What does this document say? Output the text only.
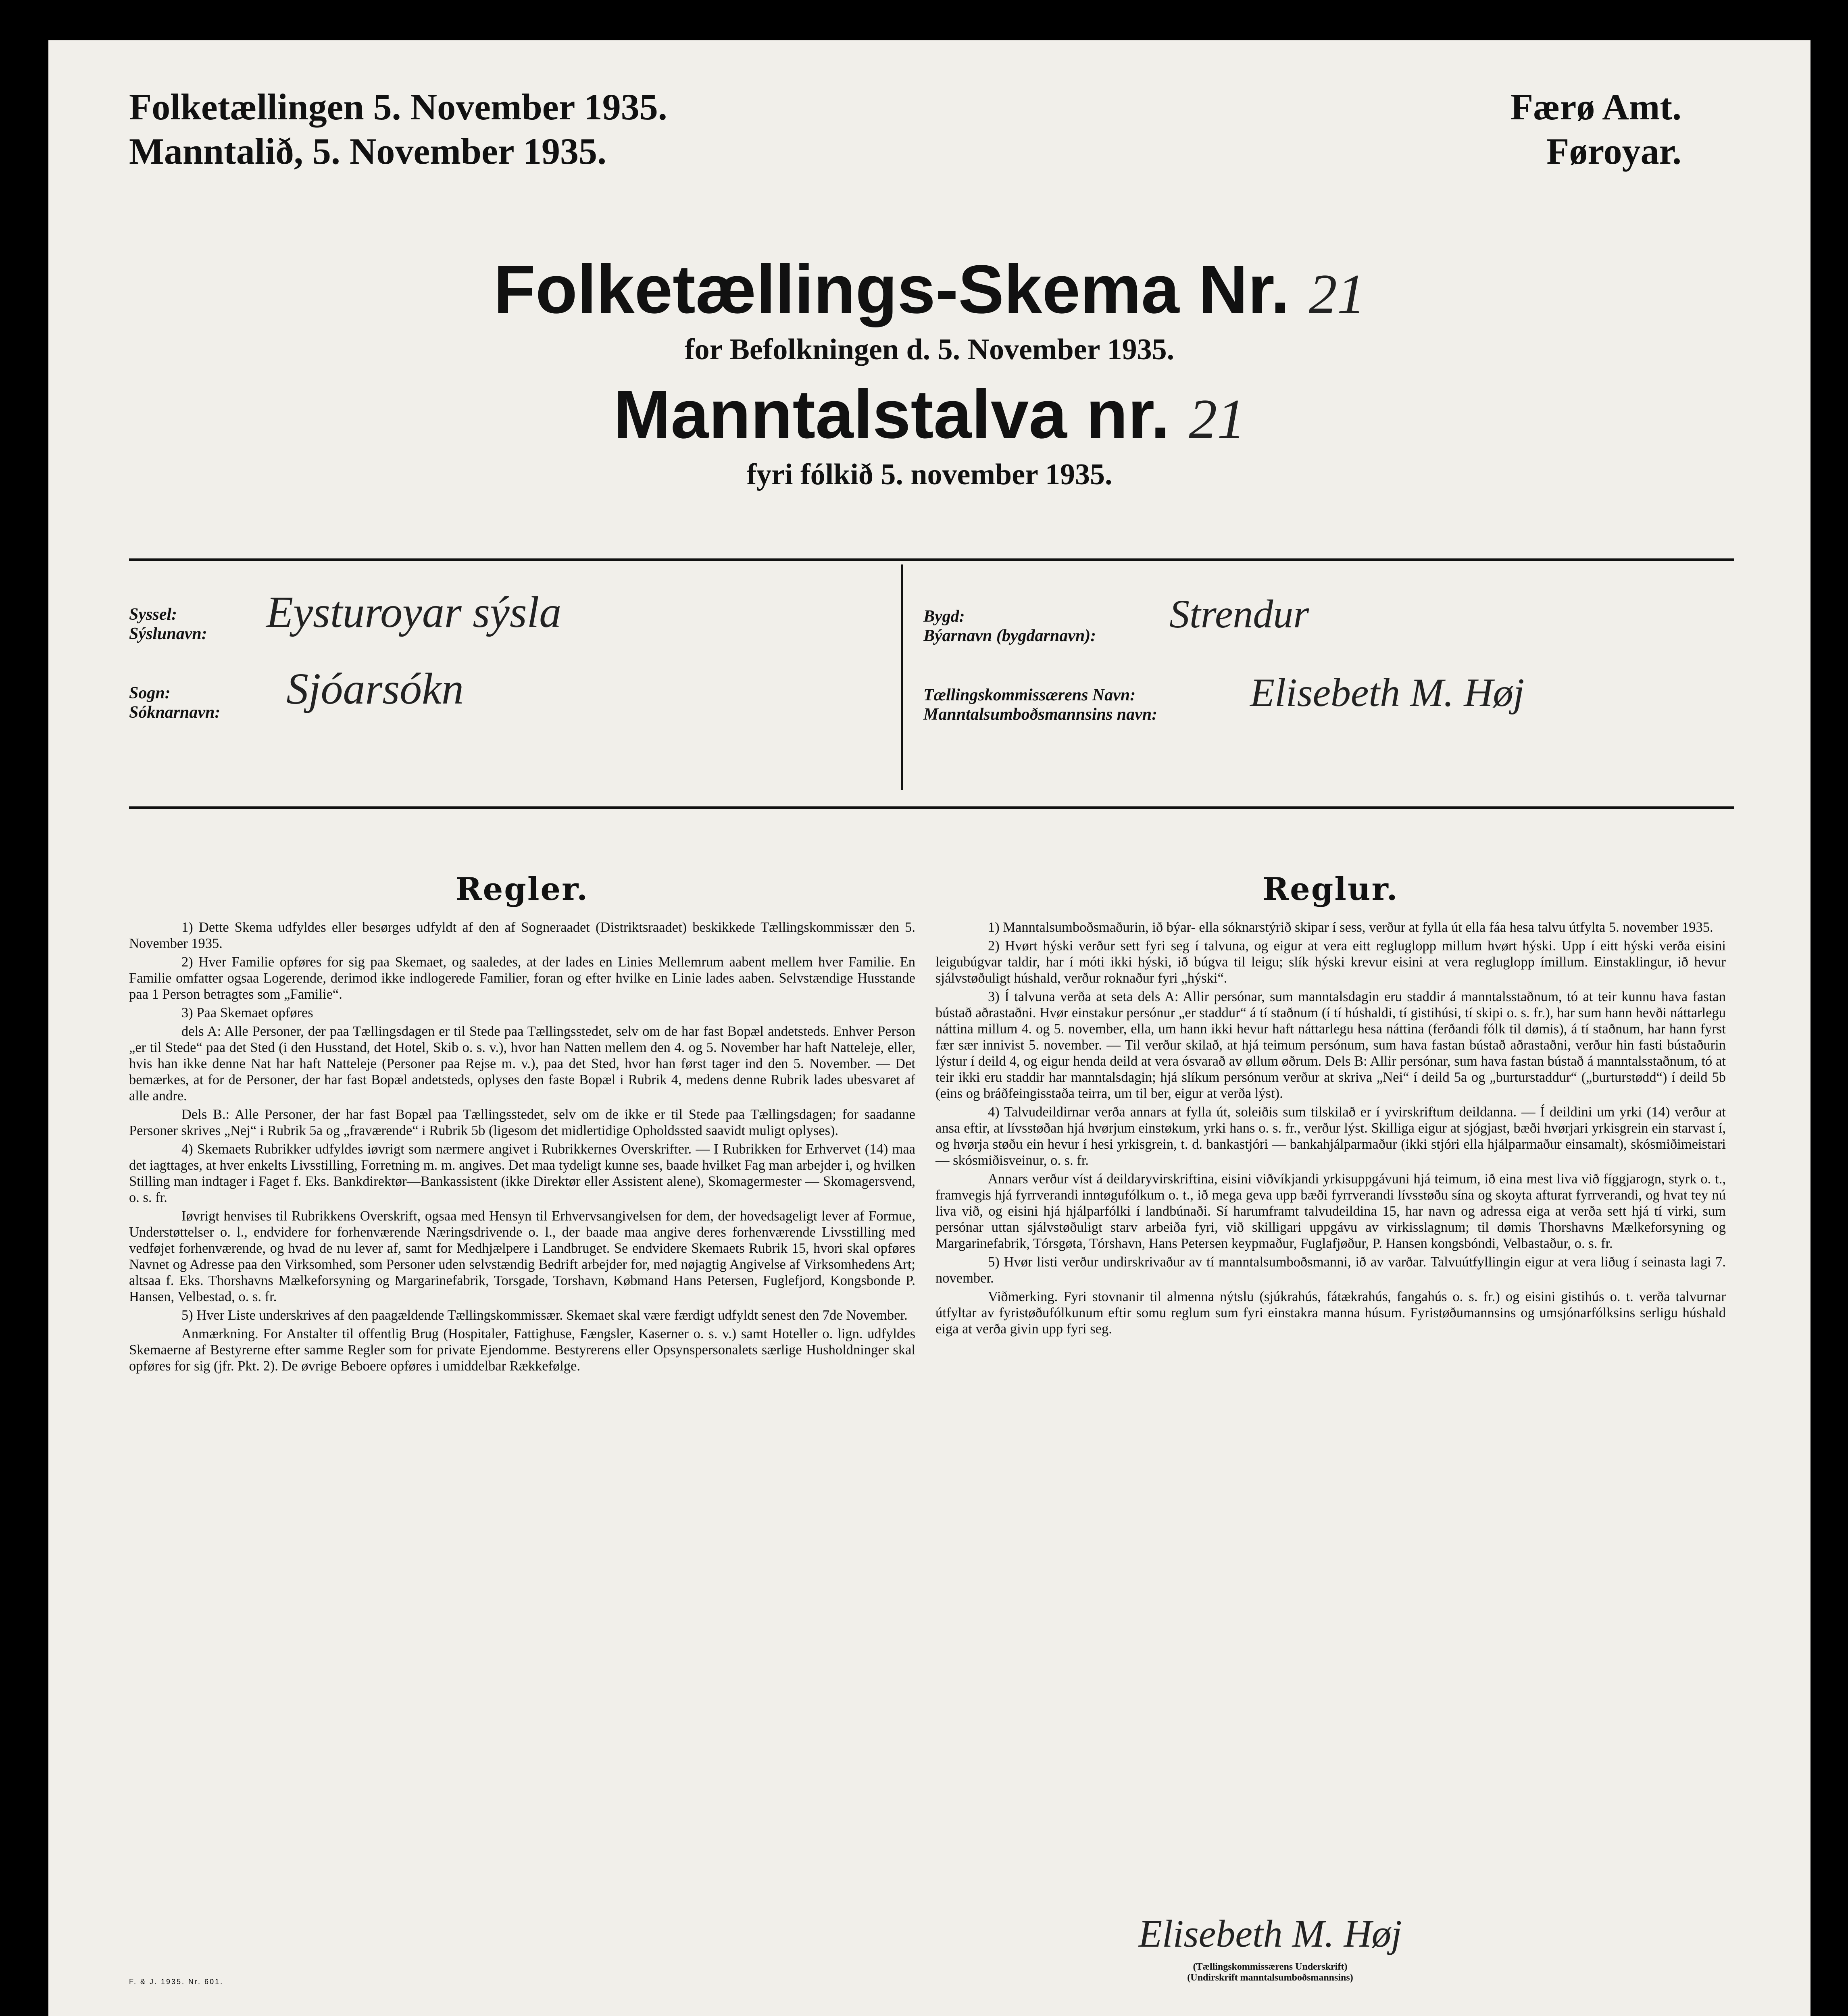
Folketællingen 5. November 1935.
Manntalið, 5. November 1935.
Færø Amt.
Føroyar.
Folketællings-Skema Nr. 21
for Befolkningen d. 5. November 1935.
Manntalstalva nr. 21
fyri fólkið 5. november 1935.
Syssel:
Sýslunavn: Eysturoyar sýsla
Sogn:
Sóknarnavn: Sjóarsókn
Bygd:
Býarnavn (bygdarnavn): Strendur
Tællingskommissærens Navn:
Manntalsumboðsmannsins navn: Elisebeth M. Høj
Regler.	Reglur.

1) Dette Skema udfyldes eller besørges udfyldt af den af Sogneraadet (Distriktsraadet) beskikkede Tællingskommissær den 5. November 1935.

2) Hver Familie opføres for sig paa Skemaet, og saaledes, at der lades en Linies Mellemrum aabent mellem hver Familie. En Familie omfatter ogsaa Logerende, derimod ikke indlogerede Familier, foran og efter hvilke en Linie lades aaben. Selvstændige Husstande paa 1 Person betragtes som „Familie“.

3) Paa Skemaet opføres

dels A: Alle Personer, der paa Tællingsdagen er til Stede paa Tællingsstedet, selv om de har fast Bopæl andetsteds. Enhver Person „er til Stede“ paa det Sted (i den Husstand, det Hotel, Skib o. s. v.), hvor han Natten mellem den 4. og 5. November har haft Natteleje, eller, hvis han ikke denne Nat har haft Natteleje (Personer paa Rejse m. v.), paa det Sted, hvor han først tager ind den 5. November. — Det bemærkes, at for de Personer, der har fast Bopæl andetsteds, oplyses den faste Bopæl i Rubrik 4, medens denne Rubrik lades ubesvaret af alle andre.

Dels B.: Alle Personer, der har fast Bopæl paa Tællingsstedet, selv om de ikke er til Stede paa Tællingsdagen; for saadanne Personer skrives „Nej“ i Rubrik 5a og „fraværende“ i Rubrik 5b (ligesom det midlertidige Opholdssted saavidt muligt oplyses).

4) Skemaets Rubrikker udfyldes iøvrigt som nærmere angivet i Rubrikkernes Overskrifter. — I Rubrikken for Erhvervet (14) maa det iagttages, at hver enkelts Livsstilling, Forretning m. m. angives. Det maa tydeligt kunne ses, baade hvilket Fag man arbejder i, og hvilken Stilling man indtager i Faget f. Eks. Bankdirektør—Bankassistent (ikke Direktør eller Assistent alene), Skomagermester — Skomagersvend, o. s. fr.

Iøvrigt henvises til Rubrikkens Overskrift, ogsaa med Hensyn til Erhvervsangivelsen for dem, der hovedsageligt lever af Formue, Understøttelser o. l., endvidere for forhenværende Næringsdrivende o. l., der baade maa angive deres forhenværende Livsstilling med vedføjet forhenværende, og hvad de nu lever af, samt for Medhjælpere i Landbruget. Se endvidere Skemaets Rubrik 15, hvori skal opføres Navnet og Adresse paa den Virksomhed, som Personer uden selvstændig Bedrift arbejder for, med nøjagtig Angivelse af Virksomhedens Art; altsaa f. Eks. Thorshavns Mælkeforsyning og Margarinefabrik, Torsgade, Torshavn, Købmand Hans Petersen, Fuglefjord, Kongsbonde P. Hansen, Velbestad, o. s. fr.

5) Hver Liste underskrives af den paagældende Tællingskommissær. Skemaet skal være færdigt udfyldt senest den 7de November.

Anmærkning. For Anstalter til offentlig Brug (Hospitaler, Fattighuse, Fængsler, Kaserner o. s. v.) samt Hoteller o. lign. udfyldes Skemaerne af Bestyrerne efter samme Regler som for private Ejendomme. Bestyrerens eller Opsynspersonalets særlige Husholdninger skal opføres for sig (jfr. Pkt. 2). De øvrige Beboere opføres i umiddelbar Rækkefølge.

1) Manntalsumboðsmaðurin, ið býar- ella sóknarstýrið skipar í sess, verður at fylla út ella fáa hesa talvu útfylta 5. november 1935.

2) Hvørt hýski verður sett fyri seg í talvuna, og eigur at vera eitt regluglopp millum hvørt hýski. Upp í eitt hýski verða eisini leigubúgvar taldir, har í móti ikki hýski, ið búgva til leigu; slík hýski krevur eisini at vera regluglopp ímillum. Einstaklingur, ið hevur sjálvstøðuligt húshald, verður roknaður fyri „hýski“.

3) Í talvuna verða at seta dels A: Allir persónar, sum manntalsdagin eru staddir á manntalsstaðnum, tó at teir kunnu hava fastan bústað aðrastaðni. Hvør einstakur persónur „er staddur“ á tí staðnum (í tí húshaldi, tí gistihúsi, tí skipi o. s. fr.), har sum hann hevði náttarlegu náttina millum 4. og 5. november, ella, um hann ikki hevur haft náttarlegu hesa náttina (ferðandi fólk til dømis), á tí staðnum, har hann fyrst fær sær innivist 5. november. — Til verður skilað, at hjá teimum persónum, sum hava fastan bústað aðrastaðni, verður hin fasti bústaðurin lýstur í deild 4, og eigur henda deild at vera ósvarað av øllum øðrum. Dels B: Allir persónar, sum hava fastan bústað á manntalsstaðnum, tó at teir ikki eru staddir har manntalsdagin; hjá slíkum persónum verður at skriva „Nei“ í deild 5a og „burturstaddur“ („burturstødd“) í deild 5b (eins og bráðfeingisstaða teirra, um til ber, eigur at verða lýst).

4) Talvudeildirnar verða annars at fylla út, soleiðis sum tilskilað er í yvirskriftum deildanna. — Í deildini um yrki (14) verður at ansa eftir, at lívsstøðan hjá hvørjum einstøkum, yrki hans o. s. fr., verður lýst. Skilliga eigur at sjógjast, bæði hvørjari yrkisgrein ein starvast í, og hvørja støðu ein hevur í hesi yrkisgrein, t. d. bankastjóri — bankahjálparmaður (ikki stjóri ella hjálparmaður einsamalt), skósmiðimeistari — skósmiðisveinur, o. s. fr.

Annars verður víst á deildaryvirskriftina, eisini viðvíkjandi yrkisuppgávuni hjá teimum, ið eina mest liva við fíggjarogn, styrk o. t., framvegis hjá fyrrverandi inntøgufólkum o. t., ið mega geva upp bæði fyrrverandi lívsstøðu sína og skoyta afturat fyrrverandi, og hvat tey nú liva við, og eisini hjá hjálparfólki í landbúnaði. Sí harumframt talvudeildina 15, har navn og adressa eiga at verða sett hjá tí virki, sum persónar uttan sjálvstøðuligt starv arbeiða fyri, við skilligari uppgávu av virkisslagnum; til dømis Thorshavns Mælkeforsyning og Margarinefabrik, Tórsgøta, Tórshavn, Hans Petersen keypmaður, Fuglafjøður, P. Hansen kongsbóndi, Velbastaður, o. s. fr.

5) Hvør listi verður undirskrivaður av tí manntalsumboðsmanni, ið av varðar. Talvuútfyllingin eigur at vera liðug í seinasta lagi 7. november.

Viðmerking. Fyri stovnanir til almenna nýtslu (sjúkrahús, fátækrahús, fangahús o. s. fr.) og eisini gistihús o. t. verða talvurnar útfyltar av fyristøðufólkunum eftir somu reglum sum fyri einstakra manna húsum. Fyristøðumannsins og umsjónarfólksins serligu húshald eiga at verða givin upp fyri seg.

F. & J. 1935. Nr. 601.
Elisebeth M. Høj
(Tællingskommissærens Underskrift)
(Undirskrift manntalsumboðsmannsins)
